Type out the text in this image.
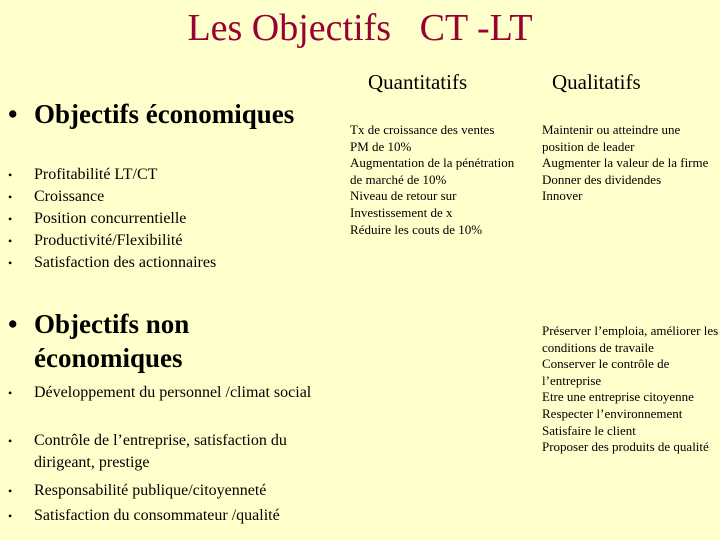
Les Objectifs   CT -LT
Quantitatifs	Qualitatifs
• Objectifs économiques
• Profitabilité LT/CT
• Croissance
• Position concurrentielle
• Productivité/Flexibilité
• Satisfaction des actionnaires
Tx de croissance des ventes
PM de 10%
Augmentation de la pénétration de marché de 10%
Niveau de retour sur Investissement de x
Réduire les couts de 10%
Maintenir ou atteindre une position de leader
Augmenter la valeur de la firme
Donner des dividendes
Innover
• Objectifs non économiques
• Développement du personnel /climat social
• Contrôle de l’entreprise, satisfaction du dirigeant, prestige
• Responsabilité publique/citoyenneté
• Satisfaction du consommateur /qualité
Préserver l’emploia, améliorer les conditions de travaile
Conserver le contrôle de l’entreprise
Etre une entreprise citoyenne
Respecter l’environnement
Satisfaire le client
Proposer des produits de qualité
